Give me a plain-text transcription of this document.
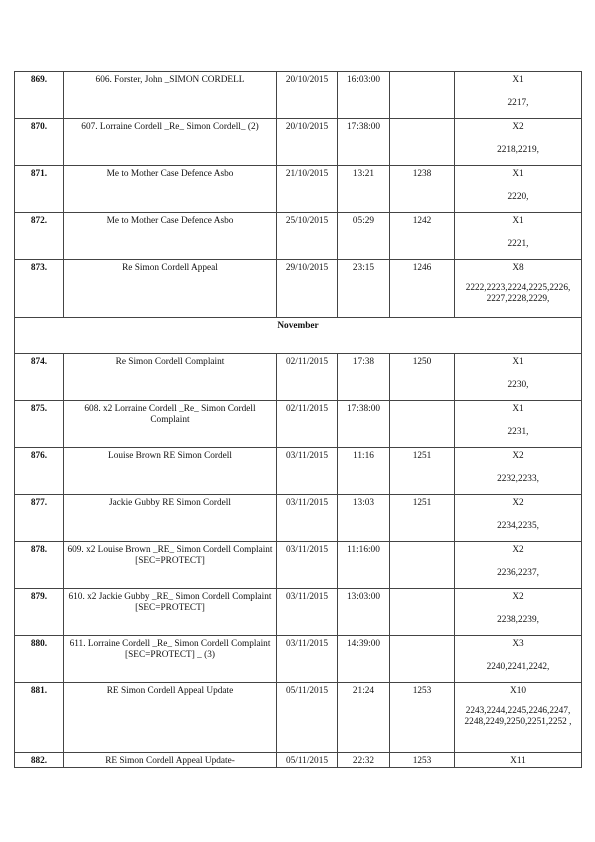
869.	606. Forster, John _SIMON CORDELL	20/10/2015	16:03:00		X1
2217,

870.	607. Lorraine Cordell _Re_ Simon Cordell_ (2)	20/10/2015	17:38:00		X2
2218,2219,

871.	Me to Mother Case Defence Asbo	21/10/2015	13:21	1238	X1
2220,

872.	Me to Mother Case Defence Asbo	25/10/2015	05:29	1242	X1
2221,

873.	Re Simon Cordell Appeal	29/10/2015	23:15	1246	X8
2222,2223,2224,2225,2226, 2227,2228,2229,

November					
874.	Re Simon Cordell Complaint	02/11/2015	17:38	1250	X1
2230,

875.	608. x2 Lorraine Cordell _Re_ Simon Cordell Complaint	02/11/2015	17:38:00		X1
2231,

876.	Louise Brown RE Simon Cordell	03/11/2015	11:16	1251	X2
2232,2233,

877.	Jackie Gubby RE Simon Cordell	03/11/2015	13:03	1251	X2
2234,2235,

878.	609. x2 Louise Brown _RE_ Simon Cordell Complaint [SEC=PROTECT]	03/11/2015	11:16:00		X2
2236,2237,

879.	610. x2 Jackie Gubby _RE_ Simon Cordell Complaint [SEC=PROTECT]	03/11/2015	13:03:00		X2
2238,2239,

880.	611. Lorraine Cordell _Re_ Simon Cordell Complaint [SEC=PROTECT] _ (3)	03/11/2015	14:39:00		X3
2240,2241,2242,

881.	RE Simon Cordell Appeal Update	05/11/2015	21:24	1253	X10
2243,2244,2245,2246,2247, 2248,2249,2250,2251,2252 ,

882.	RE Simon Cordell Appeal Update-	05/11/2015	22:32	1253	X11
